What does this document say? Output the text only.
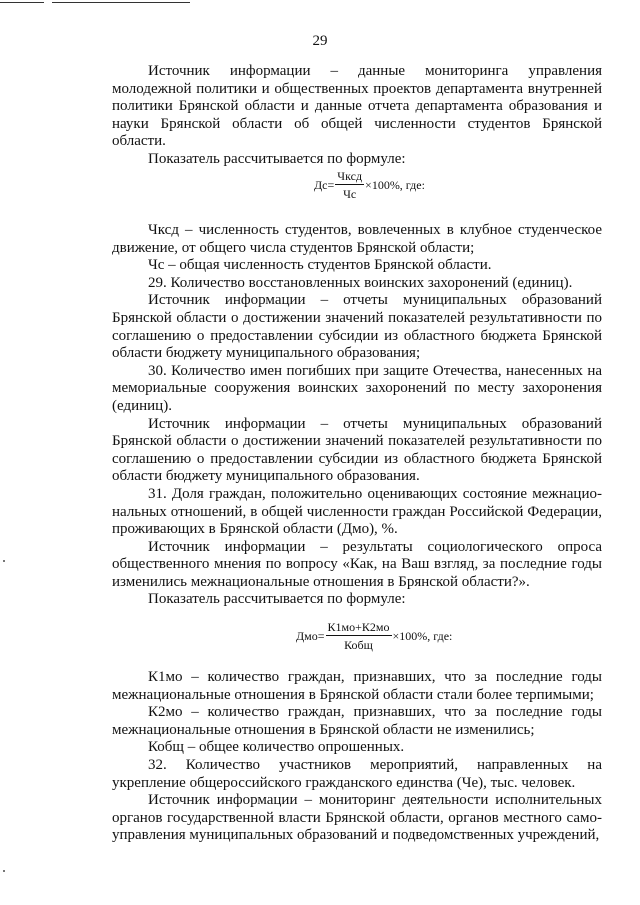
29

Источник информации – данные мониторинга управления молодежной политики и общественных проектов департамента внутренней политики Брянской области и данные отчета департамента образования и науки Брянской области об общей численности студентов Брянской области.

Показатель рассчитывается по формуле:

$Дс= \frac{\text{Чксд}}{Чс} \times 100\%$, где:

Чксд – численность студентов, вовлеченных в клубное студенческое движение, от общего числа студентов Брянской области;

Чс – общая численность студентов Брянской области.

29. Количество восстановленных воинских захоронений (единиц).

Источник информации – отчеты муниципальных образований Брянской области о достижении значений показателей результативности по соглашению о предоставлении субсидии из областного бюджета Брянской области бюджету муниципального образования;

30. Количество имен погибших при защите Отечества, нанесенных на мемориальные сооружения воинских захоронений по месту захоронения (единиц).

Источник информации – отчеты муниципальных образований Брянской области о достижении значений показателей результативности по соглашению о предоставлении субсидии из областного бюджета Брянской области бюджету муниципального образования.

31. Доля граждан, положительно оценивающих состояние межнациональных отношений, в общей численности граждан Российской Федерации, проживающих в Брянской области (Дмо), %.

Источник информации – результаты социологического опроса общественного мнения по вопросу «Как, на Ваш взгляд, за последние годы изменились межнациональные отношения в Брянской области?».

Показатель рассчитывается по формуле:

$Дмо= \frac{К1мо+К2мо}{\text{Кобщ}} \times 100\%$, где:

К1мо – количество граждан, признавших, что за последние годы межнациональные отношения в Брянской области стали более терпимыми;

К2мо – количество граждан, признавших, что за последние годы межнациональные отношения в Брянской области не изменились;

Кобщ – общее количество опрошенных.

32. Количество участников мероприятий, направленных на укрепление общероссийского гражданского единства (Че), тыс. человек.

Источник информации – мониторинг деятельности исполнительных органов государственной власти Брянской области, органов местного самоуправления муниципальных образований и подведомственных учреждений,
